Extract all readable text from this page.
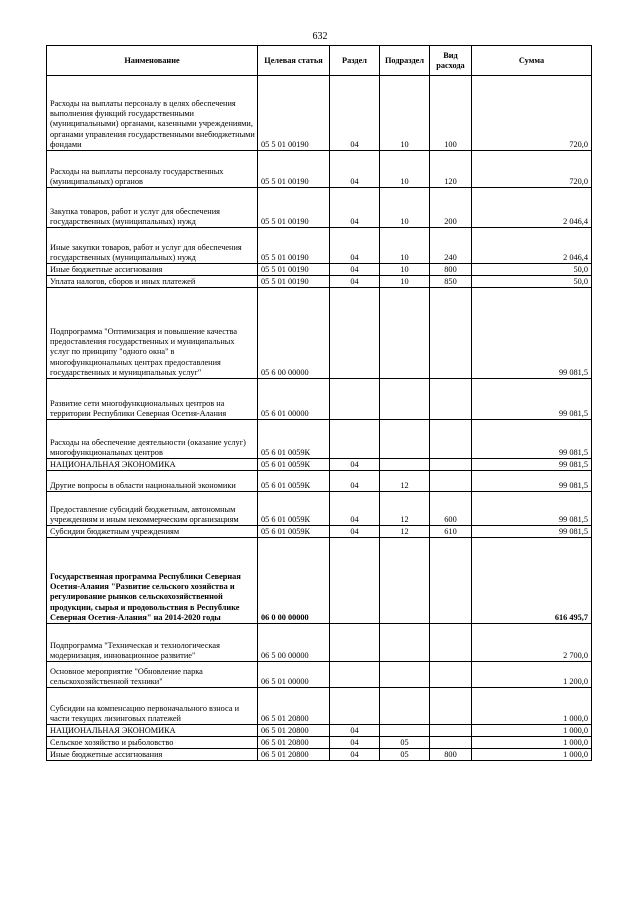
632
Наименование	Целевая статья	Раздел	Подраздел	Вид расхода	Сумма
Расходы на выплаты персоналу в целях обеспечения выполнения функций государственными (муниципальными) органами, казенными учреждениями, органами управления государственными внебюджетными фондами	05 5 01 00190	04	10	100	720,0
Расходы на выплаты персоналу государственных (муниципальных) органов	05 5 01 00190	04	10	120	720,0
Закупка товаров, работ и услуг для обеспечения государственных (муниципальных) нужд	05 5 01 00190	04	10	200	2 046,4
Иные закупки товаров, работ и услуг для обеспечения государственных (муниципальных) нужд	05 5 01 00190	04	10	240	2 046,4
Иные бюджетные ассигнования	05 5 01 00190	04	10	800	50,0
Уплата налогов, сборов и иных платежей	05 5 01 00190	04	10	850	50,0
Подпрограмма "Оптимизация и повышение качества предоставления государственных и муниципальных услуг по принципу "одного окна" в многофункциональных центрах предоставления государственных и муниципальных услуг"	05 6 00 00000				99 081,5
Развитие сети многофункциональных центров на территории Республики Северная Осетия-Алания	05 6 01 00000				99 081,5
Расходы на обеспечение деятельности (оказание услуг) многофункциональных центров	05 6 01 0059К				99 081,5
НАЦИОНАЛЬНАЯ ЭКОНОМИКА	05 6 01 0059К	04			99 081,5
Другие вопросы в области национальной экономики	05 6 01 0059К	04	12		99 081,5
Предоставление субсидий бюджетным, автономным учреждениям и иным некоммерческим организациям	05 6 01 0059К	04	12	600	99 081,5
Субсидии бюджетным учреждениям	05 6 01 0059К	04	12	610	99 081,5
Государственная программа Республики Северная Осетия-Алания "Развитие сельского хозяйства и регулирование рынков сельскохозяйственной продукции, сырья и продовольствия в Республике Северная Осетия-Алания" на 2014-2020 годы	06 0 00 00000				616 495,7
Подпрограмма "Техническая и технологическая модернизация, инновационное развитие"	06 5 00 00000				2 700,0
Основное мероприятие "Обновление парка сельскохозяйственной техники"	06 5 01 00000				1 200,0
Субсидии на компенсацию первоначального взноса и части текущих лизинговых платежей	06 5 01 20800				1 000,0
НАЦИОНАЛЬНАЯ ЭКОНОМИКА	06 5 01 20800	04			1 000,0
Сельское хозяйство и рыболовство	06 5 01 20800	04	05		1 000,0
Иные бюджетные ассигнования	06 5 01 20800	04	05	800	1 000,0
